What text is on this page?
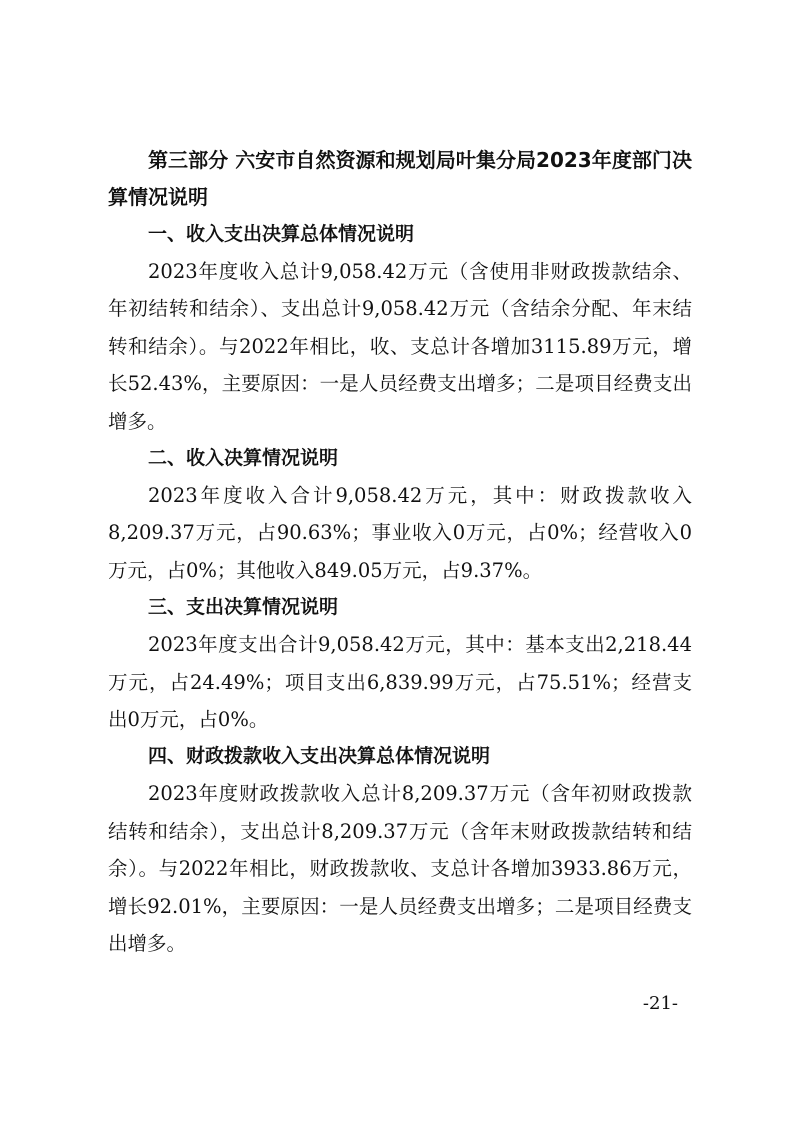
第三部分 六安市自然资源和规划局叶集分局2023年度部门决算情况说明

一、收入支出决算总体情况说明

2023年度收入总计9,058.42万元（含使用非财政拨款结余、年初结转和结余）、支出总计9,058.42万元（含结余分配、年末结转和结余）。与2022年相比，收、支总计各增加3115.89万元，增长52.43%，主要原因：一是人员经费支出增多；二是项目经费支出增多。

二、收入决算情况说明

2023年度收入合计9,058.42万元，其中：财政拨款收入8,209.37万元，占90.63%；事业收入0万元，占0%；经营收入0万元，占0%；其他收入849.05万元，占9.37%。

三、支出决算情况说明

2023年度支出合计9,058.42万元，其中：基本支出2,218.44万元，占24.49%；项目支出6,839.99万元，占75.51%；经营支出0万元，占0%。

四、财政拨款收入支出决算总体情况说明

2023年度财政拨款收入总计8,209.37万元（含年初财政拨款结转和结余），支出总计8,209.37万元（含年末财政拨款结转和结余）。与2022年相比，财政拨款收、支总计各增加3933.86万元，增长92.01%，主要原因：一是人员经费支出增多；二是项目经费支出增多。

-21-
